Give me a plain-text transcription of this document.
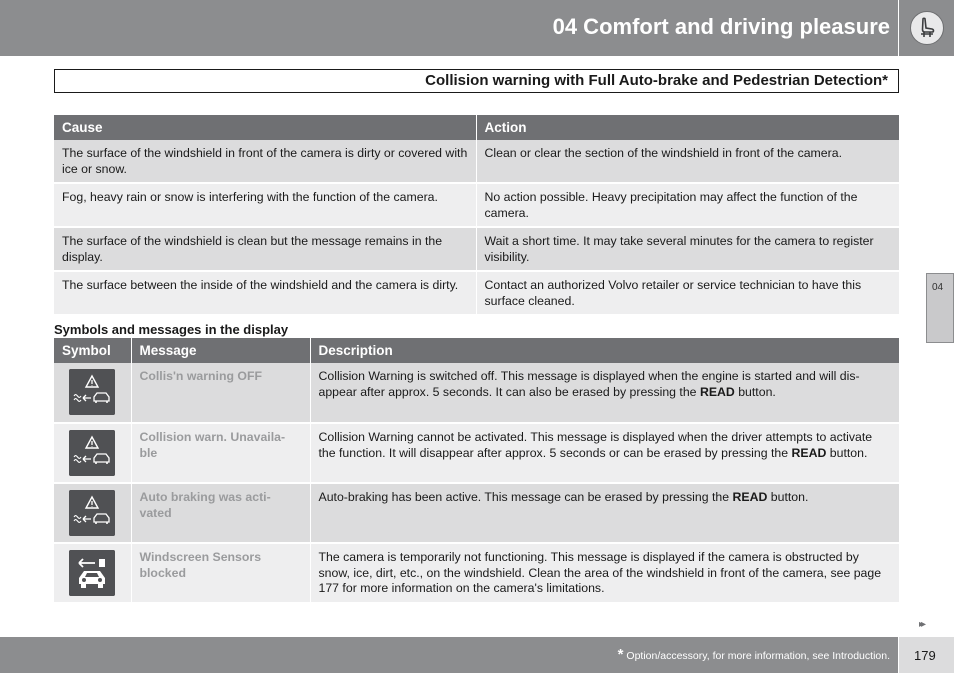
04 Comfort and driving pleasure
Collision warning with Full Auto-brake and Pedestrian Detection*
Cause	Action
The surface of the windshield in front of the camera is dirty or covered with ice or snow.	Clean or clear the section of the windshield in front of the camera.
Fog, heavy rain or snow is interfering with the function of the camera.	No action possible. Heavy precipitation may affect the function of the camera.
The surface of the windshield is clean but the message remains in the display.	Wait a short time. It may take several minutes for the camera to register visibility.
The surface between the inside of the windshield and the camera is dirty.	Contact an authorized Volvo retailer or service technician to have this surface cleaned.
Symbols and messages in the display
Symbol	Message	Description

	Collis'n warning OFF	Collision Warning is switched off. This message is displayed when the engine is started and will dis-appear after approx. 5 seconds. It can also be erased by pressing the READ button.

	Collision warn. Unavaila-ble	Collision Warning cannot be activated. This message is displayed when the driver attempts to activate the function. It will disappear after approx. 5 seconds or can be erased by pressing the READ button.

	Auto braking was acti-vated	Auto-braking has been active. This message can be erased by pressing the READ button.

	Windscreen Sensors blocked	The camera is temporarily not functioning. This message is displayed if the camera is obstructed by snow, ice, dirt, etc., on the windshield. Clean the area of the windshield in front of the camera, see page 177 for more information on the camera's limitations.
04
▸▸
* Option/accessory, for more information, see Introduction. 179
